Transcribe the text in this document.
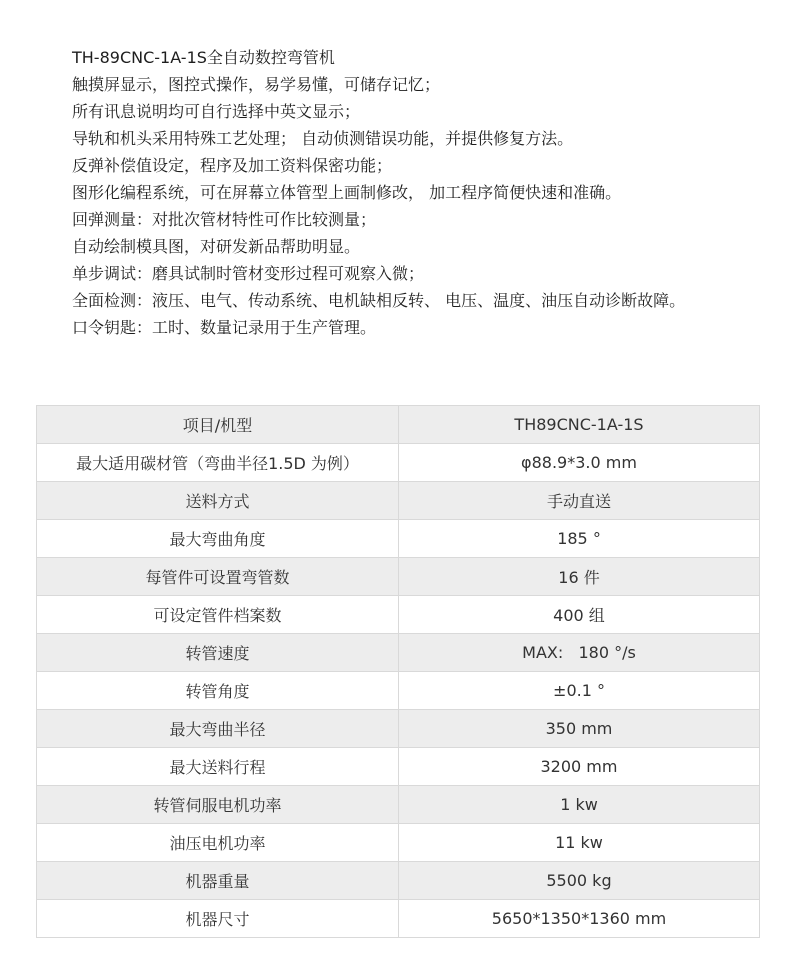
TH-89CNC-1A-1S全自动数控弯管机

触摸屏显示，图控式操作，易学易懂，可储存记忆；

所有讯息说明均可自行选择中英文显示；

导轨和机头采用特殊工艺处理； 自动侦测错误功能，并提供修复方法。

反弹补偿值设定，程序及加工资料保密功能；

图形化编程系统，可在屏幕立体管型上画制修改， 加工程序简便快速和准确。

回弹测量：对批次管材特性可作比较测量；

自动绘制模具图，对研发新品帮助明显。

单步调试：磨具试制时管材变形过程可观察入微；

全面检测：液压、电气、传动系统、电机缺相反转、 电压、温度、油压自动诊断故障。

口令钥匙：工时、数量记录用于生产管理。

项目/机型	TH89CNC-1A-1S
最大适用碳材管（弯曲半径1.5D 为例）	φ88.9*3.0 mm
送料方式	手动直送
最大弯曲角度	185 °
每管件可设置弯管数	16 件
可设定管件档案数	400 组
转管速度	MAX:   180 °/s
转管角度	±0.1 °
最大弯曲半径	350 mm
最大送料行程	3200 mm
转管伺服电机功率	1 kw
油压电机功率	11 kw
机器重量	5500 kg
机器尺寸	5650*1350*1360 mm
